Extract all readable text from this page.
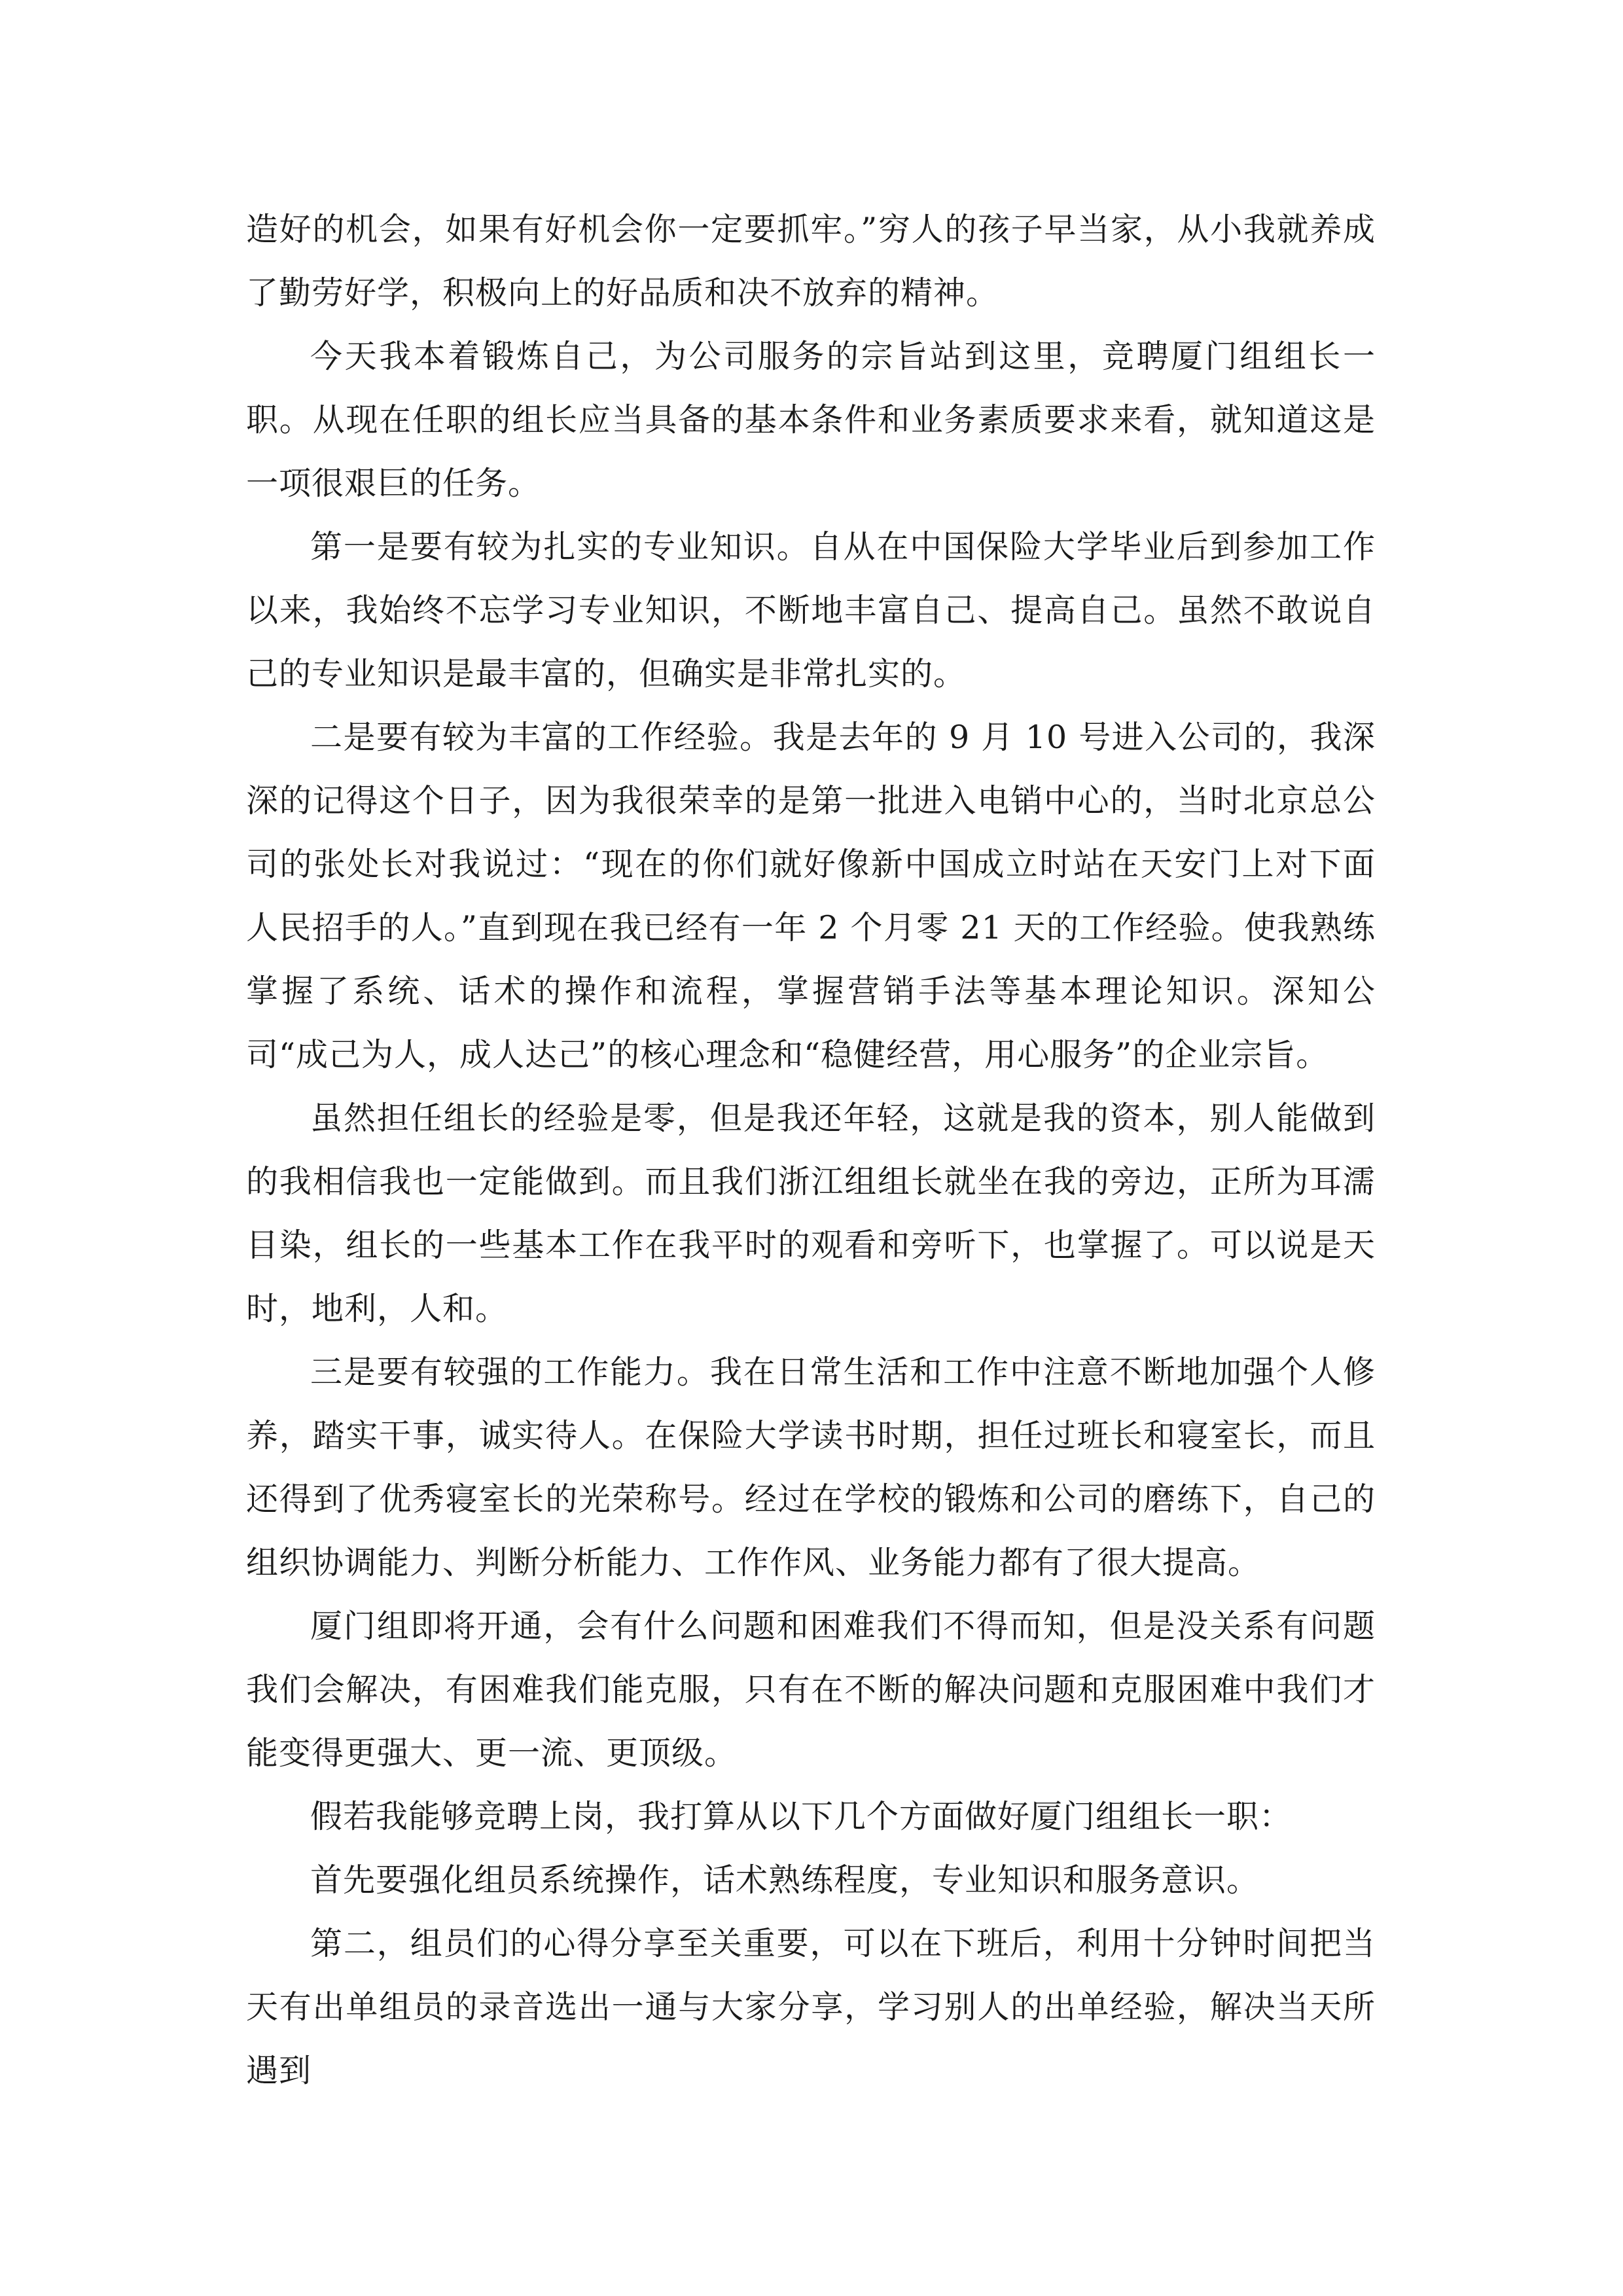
造好的机会，如果有好机会你一定要抓牢。”穷人的孩子早当家，从小我就养成了勤劳好学，积极向上的好品质和决不放弃的精神。

今天我本着锻炼自己，为公司服务的宗旨站到这里，竞聘厦门组组长一职。从现在任职的组长应当具备的基本条件和业务素质要求来看，就知道这是一项很艰巨的任务。

第一是要有较为扎实的专业知识。自从在中国保险大学毕业后到参加工作以来，我始终不忘学习专业知识，不断地丰富自己、提高自己。虽然不敢说自己的专业知识是最丰富的，但确实是非常扎实的。

二是要有较为丰富的工作经验。我是去年的 9 月 10 号进入公司的，我深深的记得这个日子，因为我很荣幸的是第一批进入电销中心的，当时北京总公司的张处长对我说过：“现在的你们就好像新中国成立时站在天安门上对下面人民招手的人。”直到现在我已经有一年 2 个月零 21 天的工作经验。使我熟练掌握了系统、话术的操作和流程，掌握营销手法等基本理论知识。深知公司“成己为人，成人达己”的核心理念和“稳健经营，用心服务”的企业宗旨。

虽然担任组长的经验是零，但是我还年轻，这就是我的资本，别人能做到的我相信我也一定能做到。而且我们浙江组组长就坐在我的旁边，正所为耳濡目染，组长的一些基本工作在我平时的观看和旁听下，也掌握了。可以说是天时，地利，人和。

三是要有较强的工作能力。我在日常生活和工作中注意不断地加强个人修养，踏实干事，诚实待人。在保险大学读书时期，担任过班长和寝室长，而且还得到了优秀寝室长的光荣称号。经过在学校的锻炼和公司的磨练下，自己的组织协调能力、判断分析能力、工作作风、业务能力都有了很大提高。

厦门组即将开通，会有什么问题和困难我们不得而知，但是没关系有问题我们会解决，有困难我们能克服，只有在不断的解决问题和克服困难中我们才能变得更强大、更一流、更顶级。

假若我能够竞聘上岗，我打算从以下几个方面做好厦门组组长一职：

首先要强化组员系统操作，话术熟练程度，专业知识和服务意识。

第二，组员们的心得分享至关重要，可以在下班后，利用十分钟时间把当天有出单组员的录音选出一通与大家分享，学习别人的出单经验，解决当天所遇到
